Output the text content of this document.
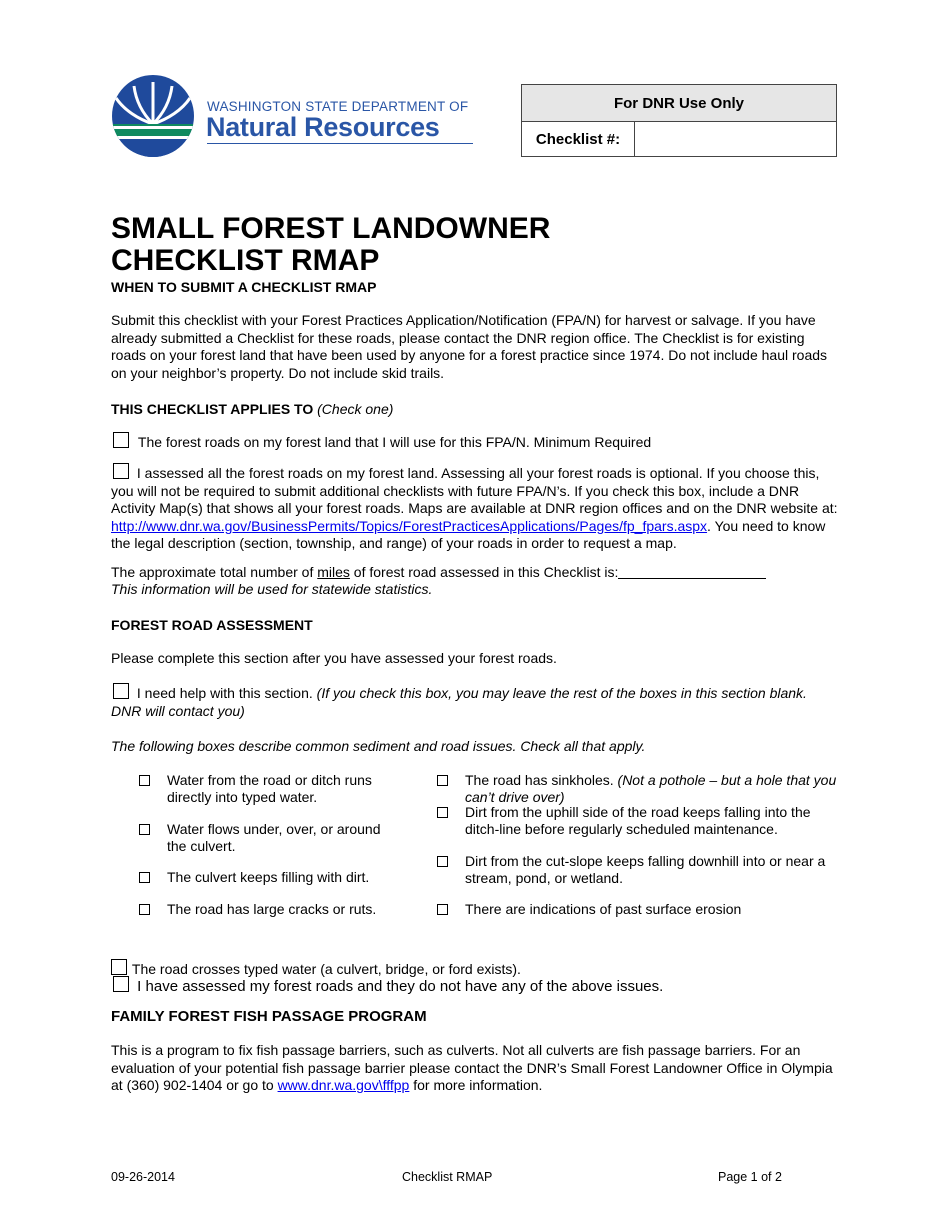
WASHINGTON STATE DEPARTMENT OF
Natural Resources
For DNR Use Only
Checklist #:	
SMALL FOREST LANDOWNER
CHECKLIST RMAP
WHEN TO SUBMIT A CHECKLIST RMAP

Submit this checklist with your Forest Practices Application/Notification (FPA/N) for harvest or salvage. If you have already submitted a Checklist for these roads, please contact the DNR region office. The Checklist is for existing roads on your forest land that have been used by anyone for a forest practice since 1974. Do not include haul roads on your neighbor’s property. Do not include skid trails.

THIS CHECKLIST APPLIES TO (Check one)
The forest roads on my forest land that I will use for this FPA/N. Minimum Required

I assessed all the forest roads on my forest land. Assessing all your forest roads is optional. If you choose this, you will not be required to submit additional checklists with future FPA/N’s. If you check this box, include a DNR Activity Map(s) that shows all your forest roads. Maps are available at DNR region offices and on the DNR website at: http://www.dnr.wa.gov/BusinessPermits/Topics/ForestPracticesApplications/Pages/fp_fpars.aspx. You need to know the legal description (section, township, and range) of your roads in order to request a map.

The approximate total number of miles of forest road assessed in this Checklist is:
This information will be used for statewide statistics.
FOREST ROAD ASSESSMENT
Please complete this section after you have assessed your forest roads.

I need help with this section. (If you check this box, you may leave the rest of the boxes in this section blank. DNR will contact you)

The following boxes describe common sediment and road issues. Check all that apply.
Water from the road or ditch runs directly into typed water.
Water flows under, over, or around the culvert.
The culvert keeps filling with dirt.
The road has large cracks or ruts.
The road has sinkholes. (Not a pothole – but a hole that you can’t drive over)
Dirt from the uphill side of the road keeps falling into the ditch-line before regularly scheduled maintenance.
Dirt from the cut-slope keeps falling downhill into or near a stream, pond, or wetland.
There are indications of past surface erosion
The road crosses typed water (a culvert, bridge, or ford exists).
I have assessed my forest roads and they do not have any of the above issues.
FAMILY FOREST FISH PASSAGE PROGRAM

This is a program to fix fish passage barriers, such as culverts. Not all culverts are fish passage barriers. For an evaluation of your potential fish passage barrier please contact the DNR’s Small Forest Landowner Office in Olympia at (360) 902-1404 or go to www.dnr.wa.gov\fffpp for more information.

09-26-2014	Checklist RMAP	Page 1 of 2
